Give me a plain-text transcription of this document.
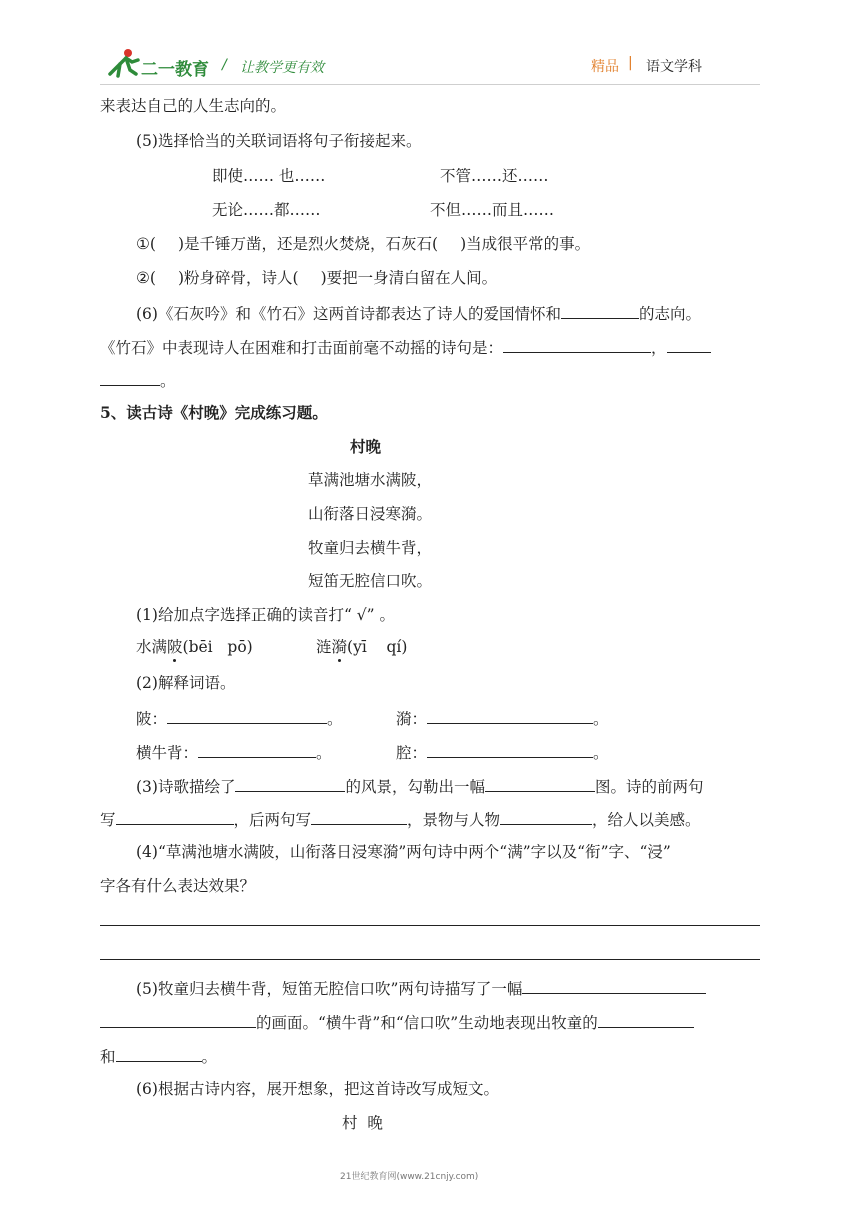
二一教育 / 让教学更有效	精品 | 语文学科
来表达自己的人生志向的。
(5)选择恰当的关联词语将句子衔接起来。
即使…… 也……	不管……还……
无论……都……	不但……而且……
①( )是千锤万凿，还是烈火焚烧，石灰石( )当成很平常的事。
②( )粉身碎骨，诗人( )要把一身清白留在人间。
(6)《石灰吟》和《竹石》这两首诗都表达了诗人的爱国情怀和	的志向。
《竹石》中表现诗人在困难和打击面前毫不动摇的诗句是：	，
。
5、读古诗《村晚》完成练习题。
村晚
草满池塘水满陂，
山衔落日浸寒漪。
牧童归去横牛背，
短笛无腔信口吹。
(1)给加点字选择正确的读音打“ √” 。
水满陂(bēi   pō)	涟漪(yī    qí)
(2)解释词语。
陂：	。	漪：	。
横牛背：	。	腔：	。
(3)诗歌描绘了	的风景，勾勒出一幅	图。诗的前两句
写	，后两句写	，景物与人物	，给人以美感。
(4)“草满池塘水满陂，山衔落日浸寒漪”两句诗中两个“满”字以及“衔”字、“浸”
字各有什么表达效果？
(5)牧童归去横牛背，短笛无腔信口吹”两句诗描写了一幅
的画面。“横牛背”和“信口吹”生动地表现出牧童的
和	。
(6)根据古诗内容，展开想象，把这首诗改写成短文。
村  晚
21世纪教育网(www.21cnjy.com)
